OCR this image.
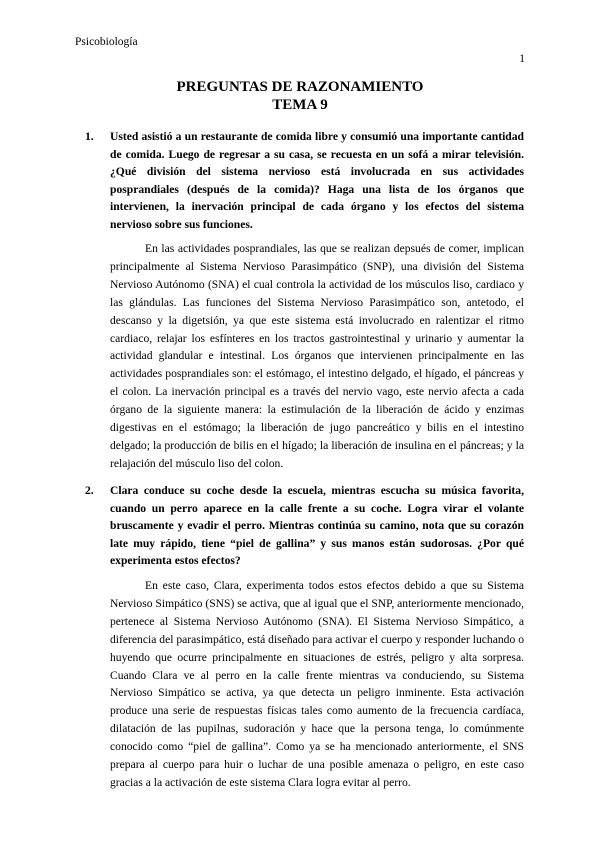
Psicobiología
1
PREGUNTAS DE RAZONAMIENTO
TEMA 9
1. Usted asistió a un restaurante de comida libre y consumió una importante cantidad de comida. Luego de regresar a su casa, se recuesta en un sofá a mirar televisión. ¿Qué división del sistema nervioso está involucrada en sus actividades posprandiales (después de la comida)? Haga una lista de los órganos que intervienen, la inervación principal de cada órgano y los efectos del sistema nervioso sobre sus funciones.
En las actividades posprandiales, las que se realizan depsués de comer, implican principalmente al Sistema Nervioso Parasimpático (SNP), una división del Sistema Nervioso Autónomo (SNA) el cual controla la actividad de los músculos liso, cardiaco y las glándulas. Las funciones del Sistema Nervioso Parasimpático son, antetodo, el descanso y la digetsión, ya que este sistema está involucrado en ralentizar el ritmo cardiaco, relajar los esfínteres en los tractos gastrointestinal y urinario y aumentar la actividad glandular e intestinal. Los órganos que intervienen principalmente en las actividades posprandiales son: el estómago, el intestino delgado, el hígado, el páncreas y el colon. La inervación principal es a través del nervio vago, este nervio afecta a cada órgano de la siguiente manera: la estimulación de la liberación de ácido y enzimas digestivas en el estómago; la liberación de jugo pancreático y bilis en el intestino delgado; la producción de bilis en el hígado; la liberación de insulina en el páncreas; y la relajación del músculo liso del colon.
2. Clara conduce su coche desde la escuela, mientras escucha su música favorita, cuando un perro aparece en la calle frente a su coche. Logra virar el volante bruscamente y evadir el perro. Mientras continúa su camino, nota que su corazón late muy rápido, tiene “piel de gallina” y sus manos están sudorosas. ¿Por qué experimenta estos efectos?
En este caso, Clara, experimenta todos estos efectos debido a que su Sistema Nervioso Simpático (SNS) se activa, que al igual que el SNP, anteriormente mencionado, pertenece al Sistema Nervioso Autónomo (SNA). El Sistema Nervioso Simpático, a diferencia del parasimpático, está diseñado para activar el cuerpo y responder luchando o huyendo que ocurre principalmente en situaciones de estrés, peligro y alta sorpresa. Cuando Clara ve al perro en la calle frente mientras va conduciendo, su Sistema Nervioso Simpático se activa, ya que detecta un peligro inminente. Esta activación produce una serie de respuestas físicas tales como aumento de la frecuencia cardíaca, dilatación de las pupilnas, sudoración y hace que la persona tenga, lo comúnmente conocido como “piel de gallina”. Como ya se ha mencionado anteriormente, el SNS prepara al cuerpo para huir o luchar de una posible amenaza o peligro, en este caso gracias a la activación de este sistema Clara logra evitar al perro.
